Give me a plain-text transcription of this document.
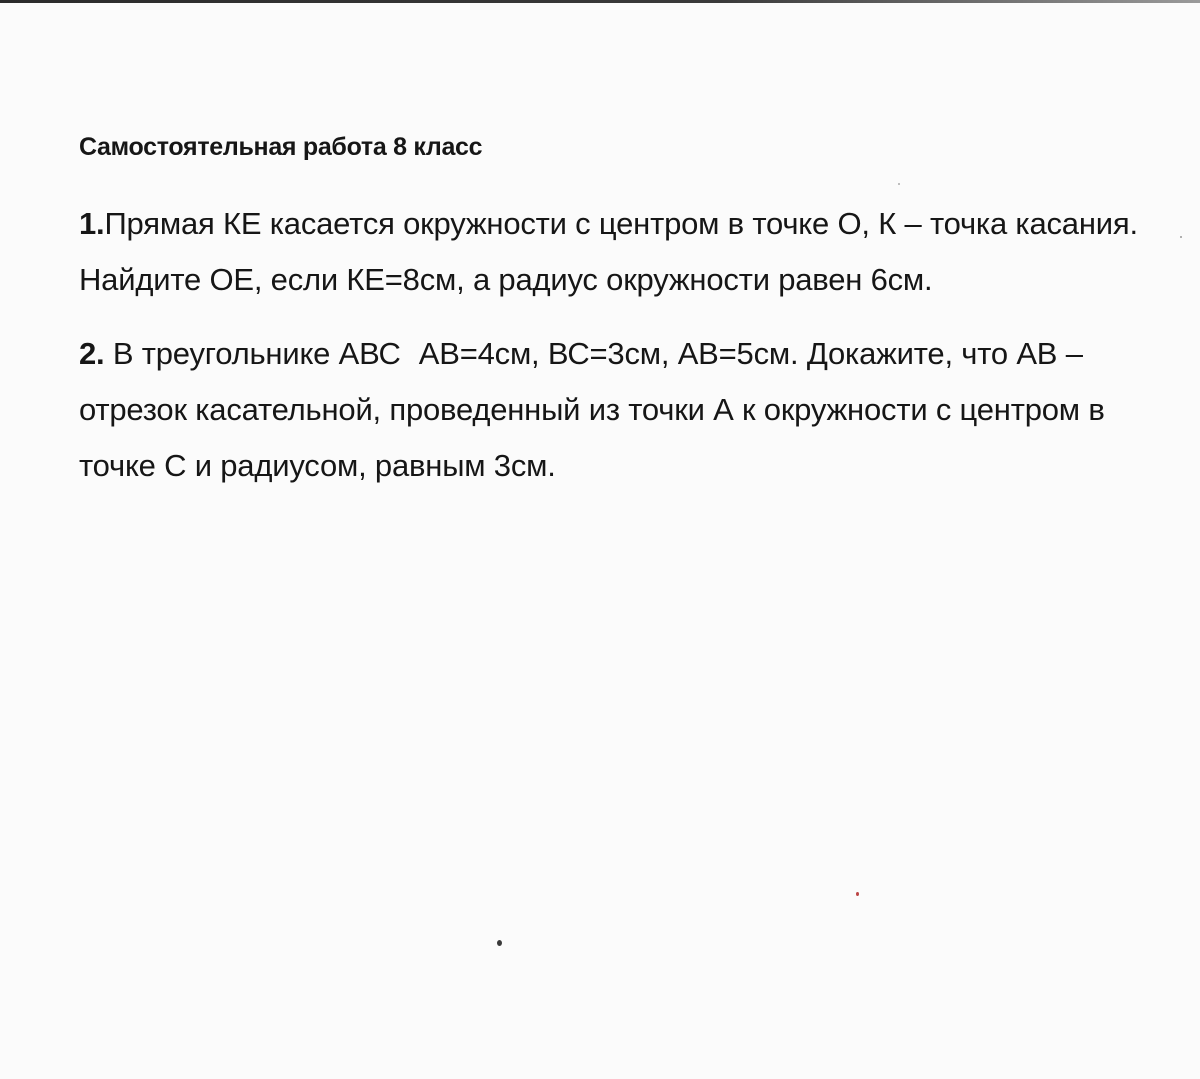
Самостоятельная работа 8 класс
1.Прямая КЕ касается окружности с центром в точке О, К – точка касания. Найдите ОЕ, если КЕ=8см, а радиус окружности равен 6см.
2. В треугольнике АВС АВ=4см, ВС=3см, АВ=5см. Докажите, что АВ – отрезок касательной, проведенный из точки А к окружности с центром в точке С и радиусом, равным 3см.
